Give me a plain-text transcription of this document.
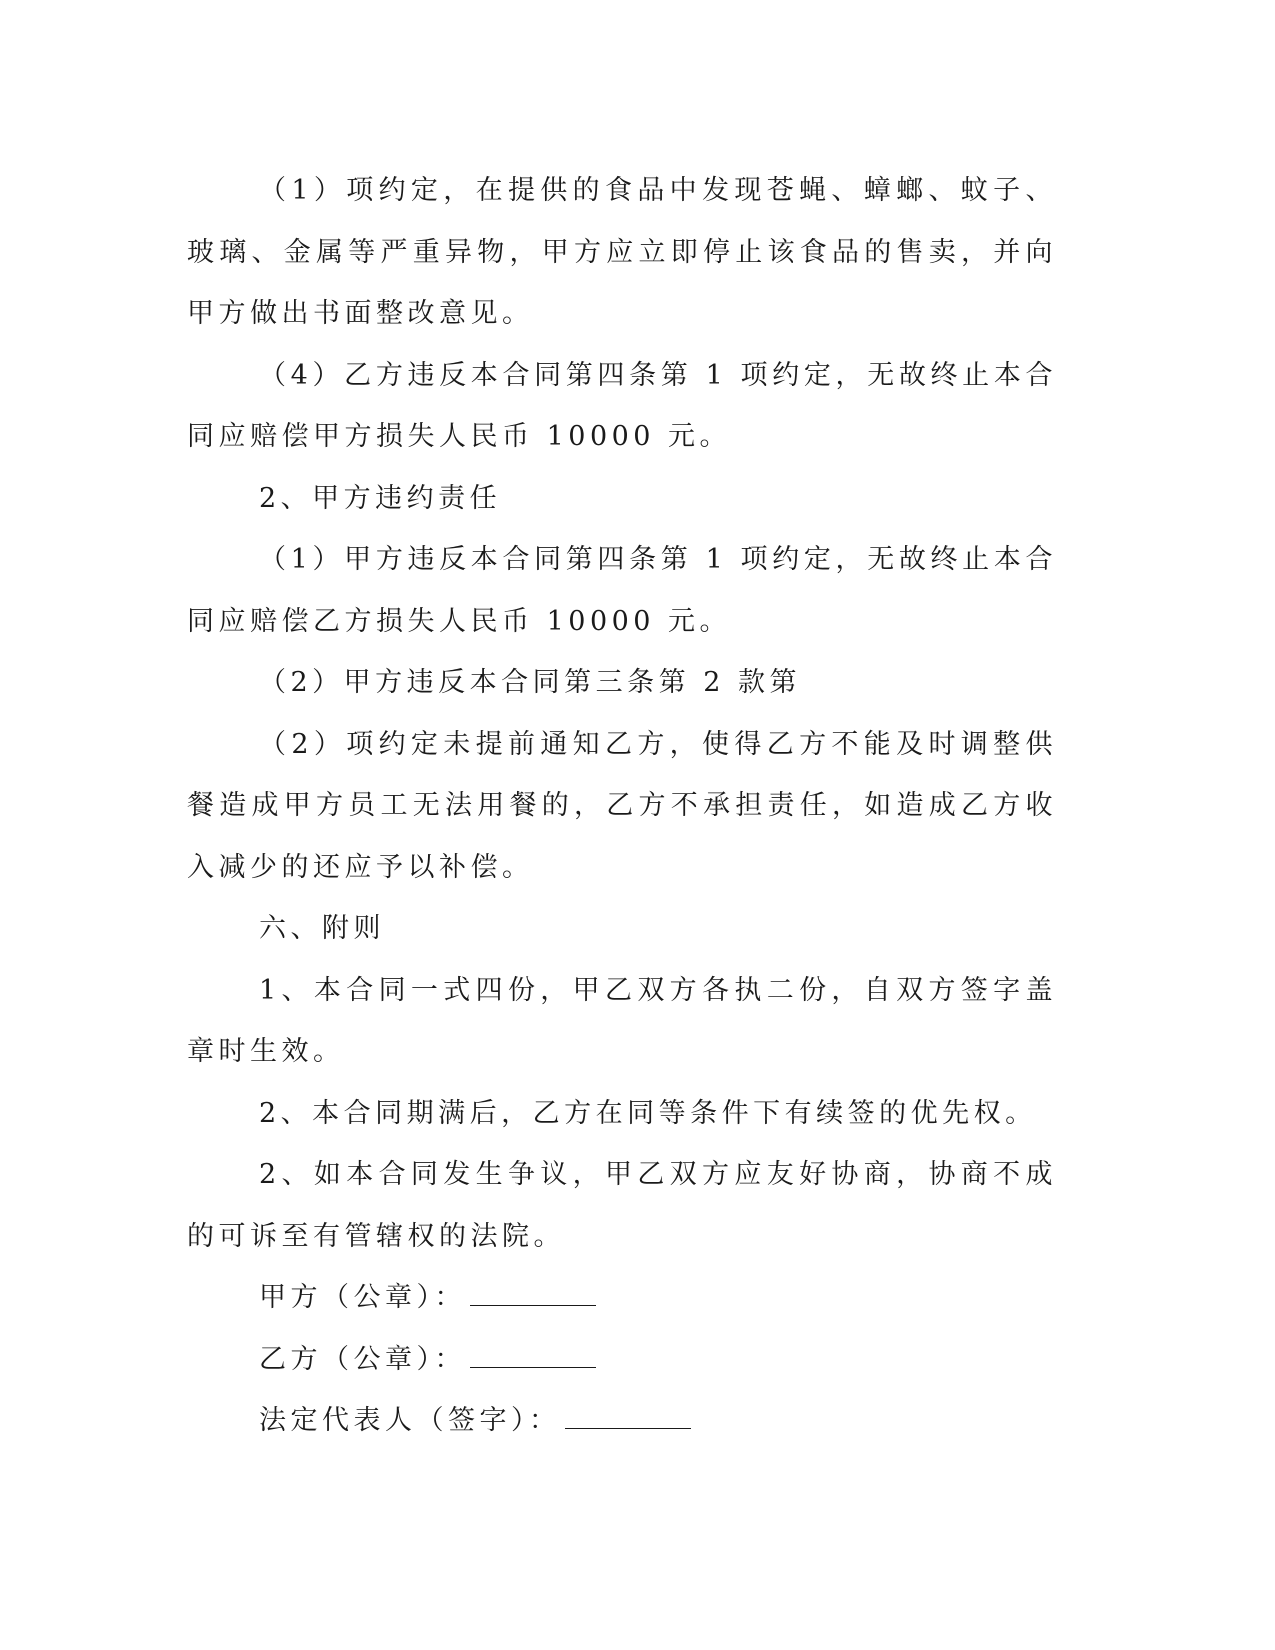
（1）项约定，在提供的食品中发现苍蝇、蟑螂、蚊子、玻璃、金属等严重异物，甲方应立即停止该食品的售卖，并向甲方做出书面整改意见。

（4）乙方违反本合同第四条第 1 项约定，无故终止本合同应赔偿甲方损失人民币 10000 元。

2、甲方违约责任

（1）甲方违反本合同第四条第 1 项约定，无故终止本合同应赔偿乙方损失人民币 10000 元。

（2）甲方违反本合同第三条第 2 款第

（2）项约定未提前通知乙方，使得乙方不能及时调整供餐造成甲方员工无法用餐的，乙方不承担责任，如造成乙方收入减少的还应予以补偿。

六、附则

1、本合同一式四份，甲乙双方各执二份，自双方签字盖章时生效。

2、本合同期满后，乙方在同等条件下有续签的优先权。

2、如本合同发生争议，甲乙双方应友好协商，协商不成的可诉至有管辖权的法院。

甲方（公章）：

乙方（公章）：

法定代表人（签字）：
